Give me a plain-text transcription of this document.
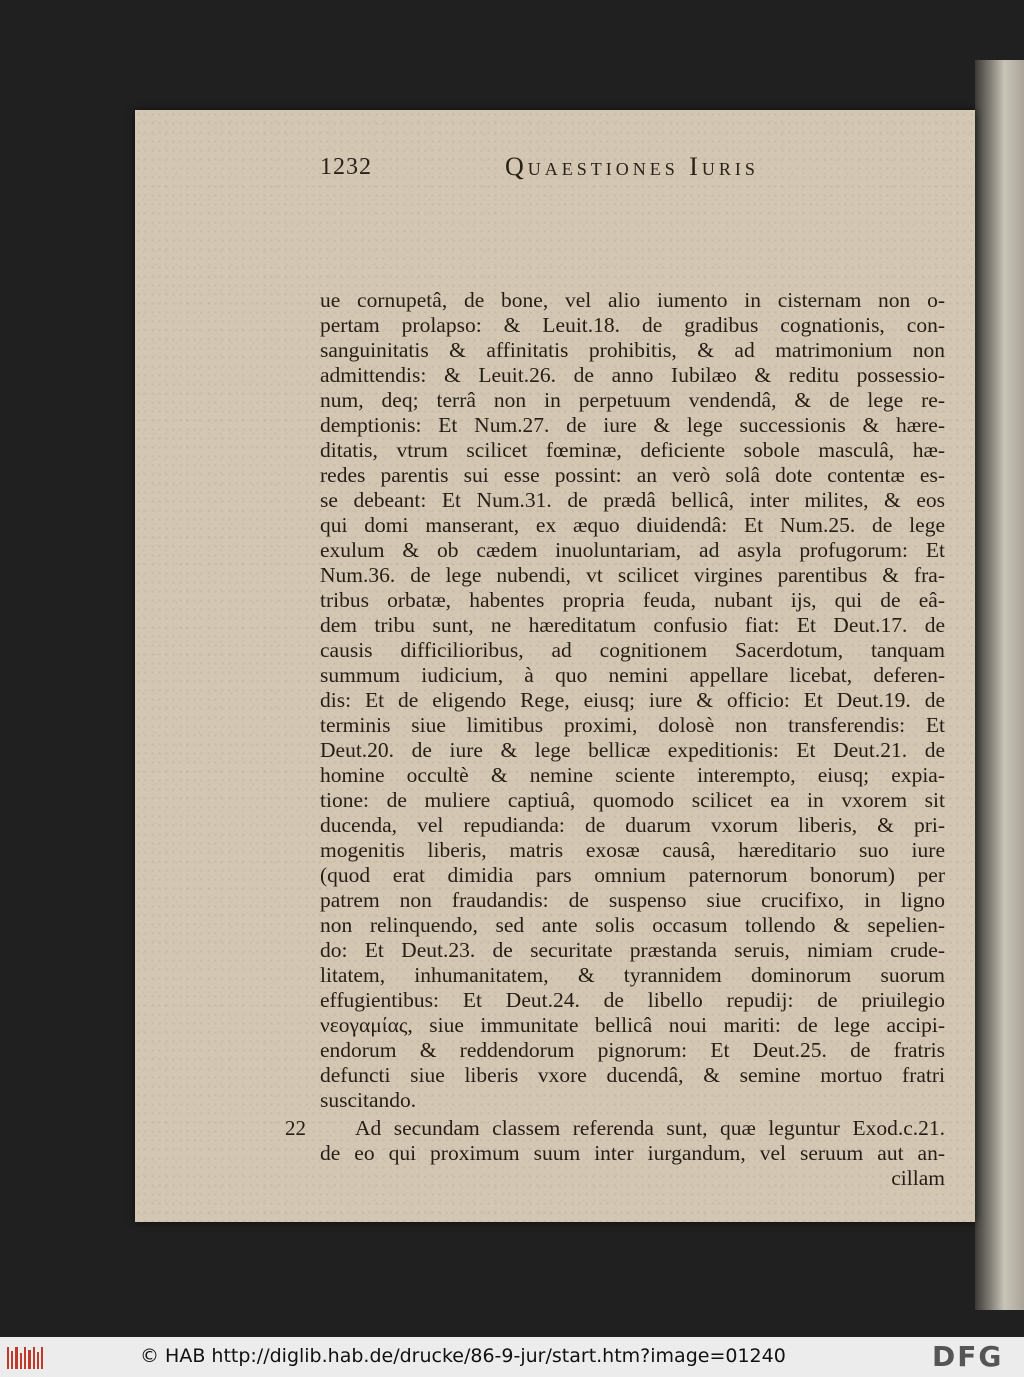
1232	Quaestiones Iuris
ue cornupetâ, de bone, vel alio iumento in cisternam non o-
pertam prolapso: & Leuit.18. de gradibus cognationis, con-
sanguinitatis & affinitatis prohibitis, & ad matrimonium non
admittendis: & Leuit.26. de anno Iubilæo & reditu possessio-
num, deq; terrâ non in perpetuum vendendâ, & de lege re-
demptionis: Et Num.27. de iure & lege successionis & hære-
ditatis, vtrum scilicet fœminæ, deficiente sobole masculâ, hæ-
redes parentis sui esse possint: an verò solâ dote contentæ es-
se debeant: Et Num.31. de prædâ bellicâ, inter milites, & eos
qui domi manserant, ex æquo diuidendâ: Et Num.25. de lege
exulum & ob cædem inuoluntariam, ad asyla profugorum: Et
Num.36. de lege nubendi, vt scilicet virgines parentibus & fra-
tribus orbatæ, habentes propria feuda, nubant ijs, qui de eâ-
dem tribu sunt, ne hæreditatum confusio fiat: Et Deut.17. de
causis difficilioribus, ad cognitionem Sacerdotum, tanquam
summum iudicium, à quo nemini appellare licebat, deferen-
dis: Et de eligendo Rege, eiusq; iure & officio: Et Deut.19. de
terminis siue limitibus proximi, dolosè non transferendis: Et
Deut.20. de iure & lege bellicæ expeditionis: Et Deut.21. de
homine occultè & nemine sciente interempto, eiusq; expia-
tione: de muliere captiuâ, quomodo scilicet ea in vxorem sit
ducenda, vel repudianda: de duarum vxorum liberis, & pri-
mogenitis liberis, matris exosæ causâ, hæreditario suo iure
(quod erat dimidia pars omnium paternorum bonorum) per
patrem non fraudandis: de suspenso siue crucifixo, in ligno
non relinquendo, sed ante solis occasum tollendo & sepelien-
do: Et Deut.23. de securitate præstanda seruis, nimiam crude-
litatem, inhumanitatem, & tyrannidem dominorum suorum
effugientibus: Et Deut.24. de libello repudij: de priuilegio
νεογαμίας, siue immunitate bellicâ noui mariti: de lege accipi-
endorum & reddendorum pignorum: Et Deut.25. de fratris
defuncti siue liberis vxore ducendâ, & semine mortuo fratri
suscitando.
22 Ad secundam classem referenda sunt, quæ leguntur Exod.c.21.
de eo qui proximum suum inter iurgandum, vel seruum aut an-
cillam
© HAB http://diglib.hab.de/drucke/86-9-jur/start.htm?image=01240	DFG
